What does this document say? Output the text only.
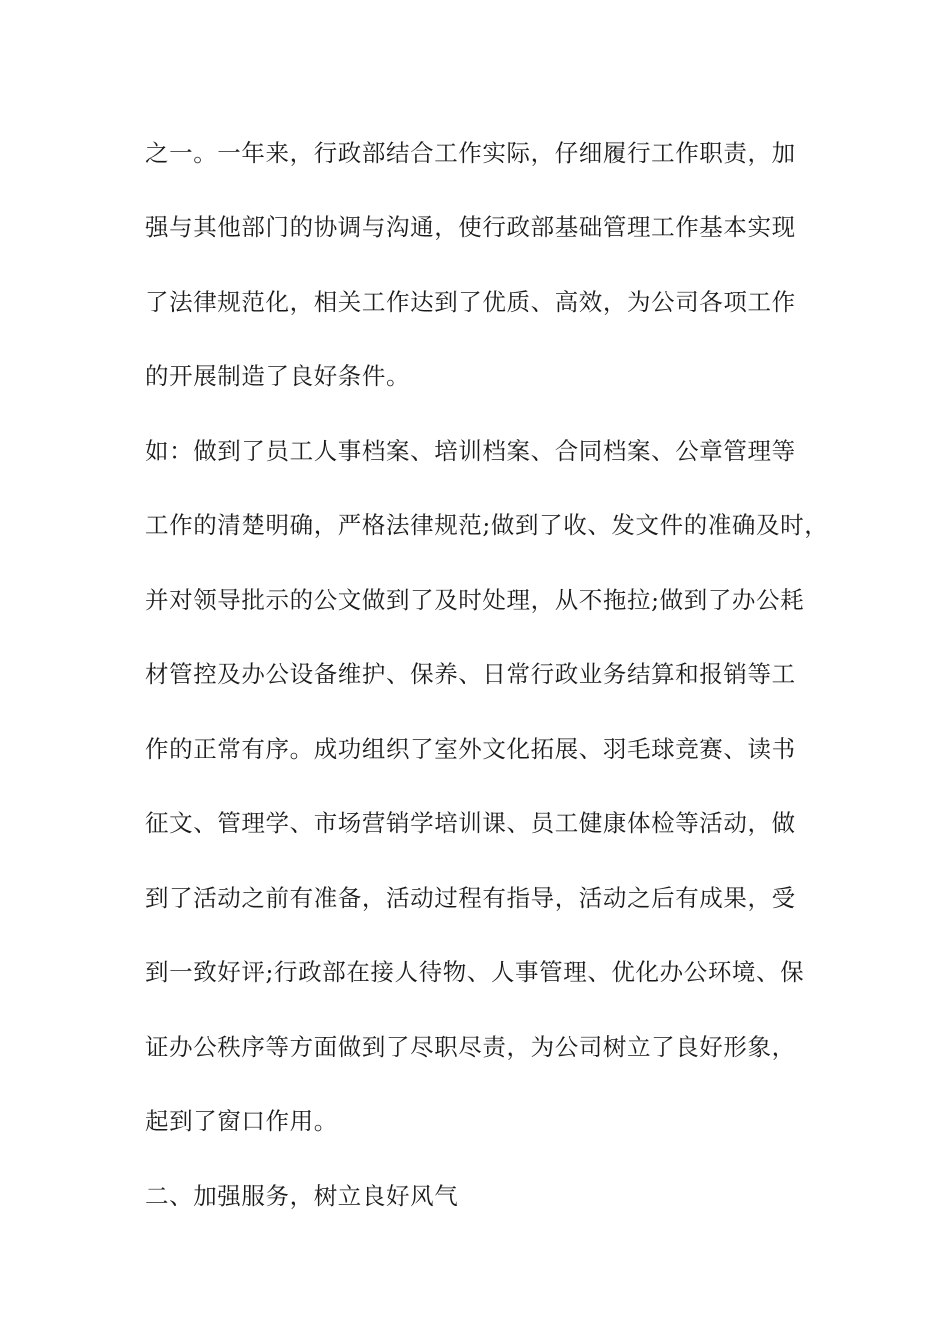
之一。一年来，行政部结合工作实际，仔细履行工作职责，加
强与其他部门的协调与沟通，使行政部基础管理工作基本实现
了法律规范化，相关工作达到了优质、高效，为公司各项工作
的开展制造了良好条件。
如：做到了员工人事档案、培训档案、合同档案、公章管理等
工作的清楚明确，严格法律规范;做到了收、发文件的准确及时，
并对领导批示的公文做到了及时处理，从不拖拉;做到了办公耗
材管控及办公设备维护、保养、日常行政业务结算和报销等工
作的正常有序。成功组织了室外文化拓展、羽毛球竞赛、读书
征文、管理学、市场营销学培训课、员工健康体检等活动，做
到了活动之前有准备，活动过程有指导，活动之后有成果，受
到一致好评;行政部在接人待物、人事管理、优化办公环境、保
证办公秩序等方面做到了尽职尽责，为公司树立了良好形象，
起到了窗口作用。
二、加强服务，树立良好风气
